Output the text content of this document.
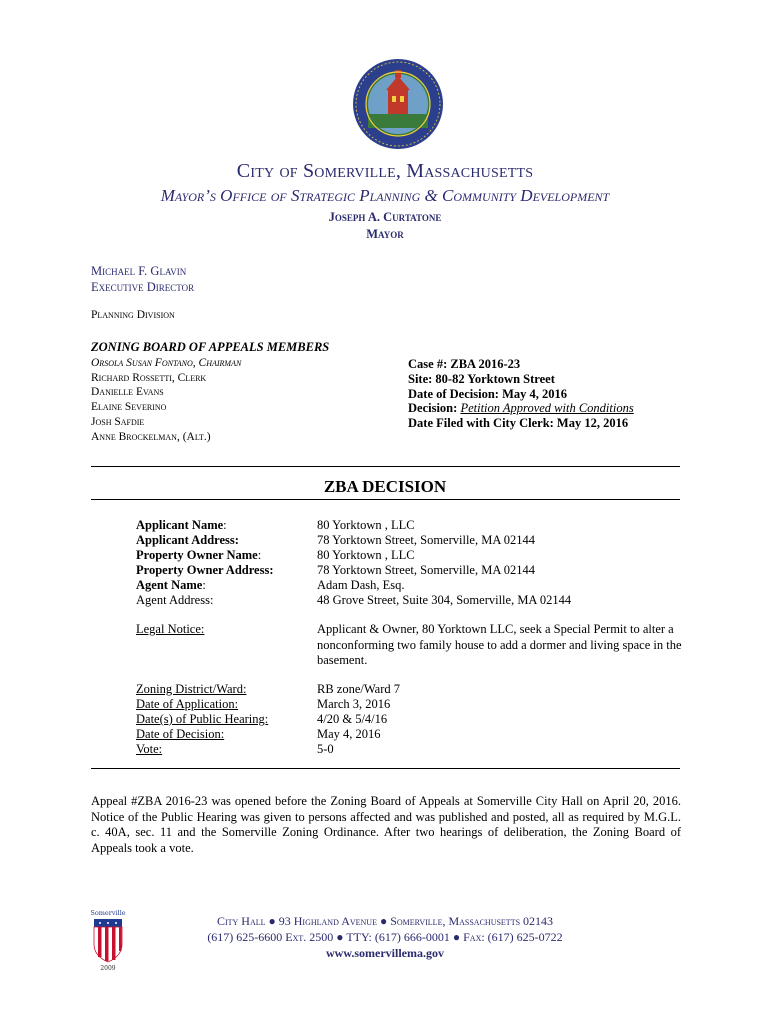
City of Somerville, Massachusetts
Mayor’s Office of Strategic Planning & Community Development
Joseph A. Curtatone
Mayor
Michael F. Glavin
Executive Director
Planning Division
ZONING BOARD OF APPEALS MEMBERS
Orsola Susan Fontano, Chairman
Richard Rossetti, Clerk
Danielle Evans
Elaine Severino
Josh Safdie
Anne Brockelman, (Alt.)
Case #: ZBA 2016-23
Site: 80-82 Yorktown Street
Date of Decision: May 4, 2016
Decision: Petition Approved with Conditions
Date Filed with City Clerk: May 12, 2016
ZBA DECISION
Applicant Name:	80 Yorktown , LLC
Applicant Address:	78 Yorktown Street, Somerville, MA 02144
Property Owner Name:	80 Yorktown , LLC
Property Owner Address:	78 Yorktown Street, Somerville, MA 02144
Agent Name:	Adam Dash, Esq.
Agent Address:	48 Grove Street, Suite 304, Somerville, MA 02144
Legal Notice:	Applicant & Owner, 80 Yorktown LLC, seek a Special Permit to alter a nonconforming two family house to add a dormer and living space in the basement.
Zoning District/Ward:	RB zone/Ward 7
Date of Application:	March 3, 2016
Date(s) of Public Hearing:	4/20 & 5/4/16
Date of Decision:	May 4, 2016
Vote:	5-0
Appeal #ZBA 2016-23 was opened before the Zoning Board of Appeals at Somerville City Hall on April 20, 2016. Notice of the Public Hearing was given to persons affected and was published and posted, all as required by M.G.L. c. 40A, sec. 11 and the Somerville Zoning Ordinance. After two hearings of deliberation, the Zoning Board of Appeals took a vote.
Somerville
2009
City Hall ● 93 Highland Avenue ● Somerville, Massachusetts 02143
(617) 625-6600 Ext. 2500 ● TTY: (617) 666-0001 ● Fax: (617) 625-0722
www.somervillema.gov
